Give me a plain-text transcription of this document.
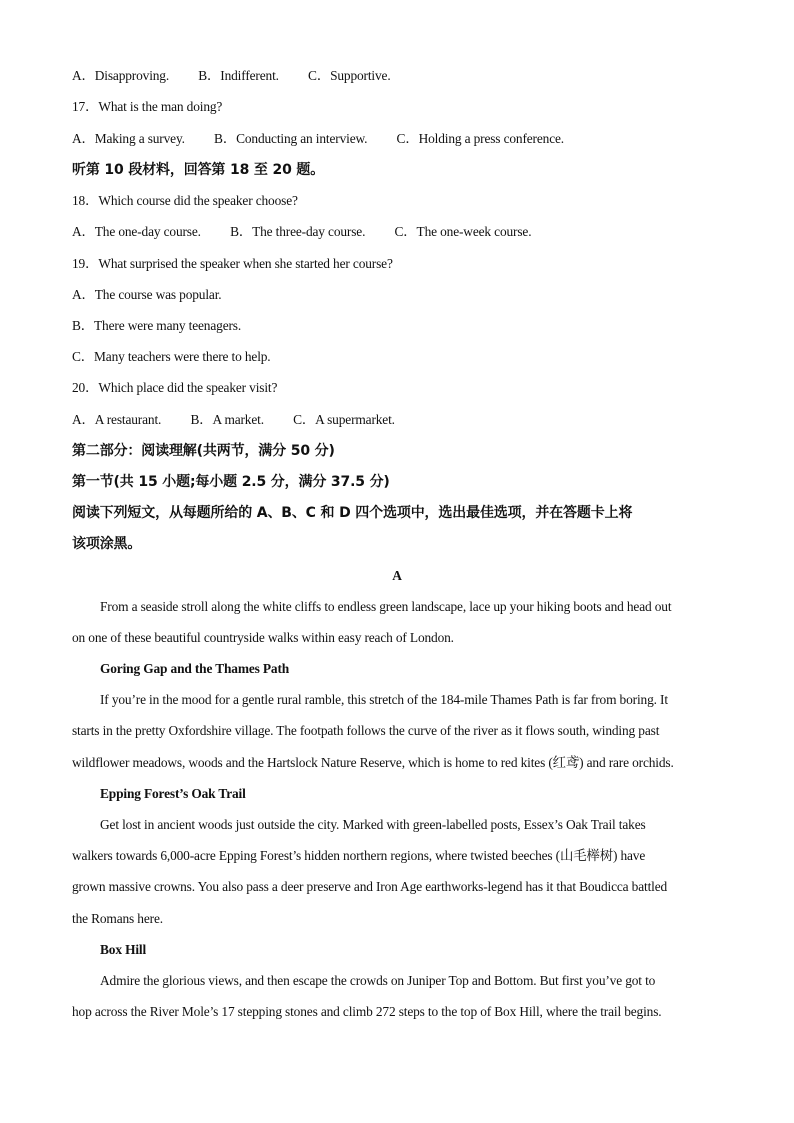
A．Disapproving. B．Indifferent. C．Supportive.
17．What is the man doing?
A．Making a survey. B．Conducting an interview. C．Holding a press conference.
听第 10 段材料，回答第 18 至 20 题。
18．Which course did the speaker choose?
A．The one-day course. B．The three-day course. C．The one-week course.
19．What surprised the speaker when she started her course?
A．The course was popular.
B．There were many teenagers.
C．Many teachers were there to help.
20．Which place did the speaker visit?
A．A restaurant. B．A market. C．A supermarket.
第二部分：阅读理解(共两节，满分 50 分)
第一节(共 15 小题;每小题 2.5 分，满分 37.5 分)
阅读下列短文，从每题所给的 A、B、C 和 D 四个选项中，选出最佳选项，并在答题卡上将
该项涂黑。
A
From a seaside stroll along the white cliffs to endless green landscape, lace up your hiking boots and head out
on one of these beautiful countryside walks within easy reach of London.
Goring Gap and the Thames Path
If you’re in the mood for a gentle rural ramble, this stretch of the 184-mile Thames Path is far from boring. It
starts in the pretty Oxfordshire village. The footpath follows the curve of the river as it flows south, winding past
wildflower meadows, woods and the Hartslock Nature Reserve, which is home to red kites (红鸢) and rare orchids.
Epping Forest’s Oak Trail
Get lost in ancient woods just outside the city. Marked with green-labelled posts, Essex’s Oak Trail takes
walkers towards 6,000-acre Epping Forest’s hidden northern regions, where twisted beeches (山毛榉树) have
grown massive crowns. You also pass a deer preserve and Iron Age earthworks-legend has it that Boudicca battled
the Romans here.
Box Hill
Admire the glorious views, and then escape the crowds on Juniper Top and Bottom. But first you’ve got to
hop across the River Mole’s 17 stepping stones and climb 272 steps to the top of Box Hill, where the trail begins.
